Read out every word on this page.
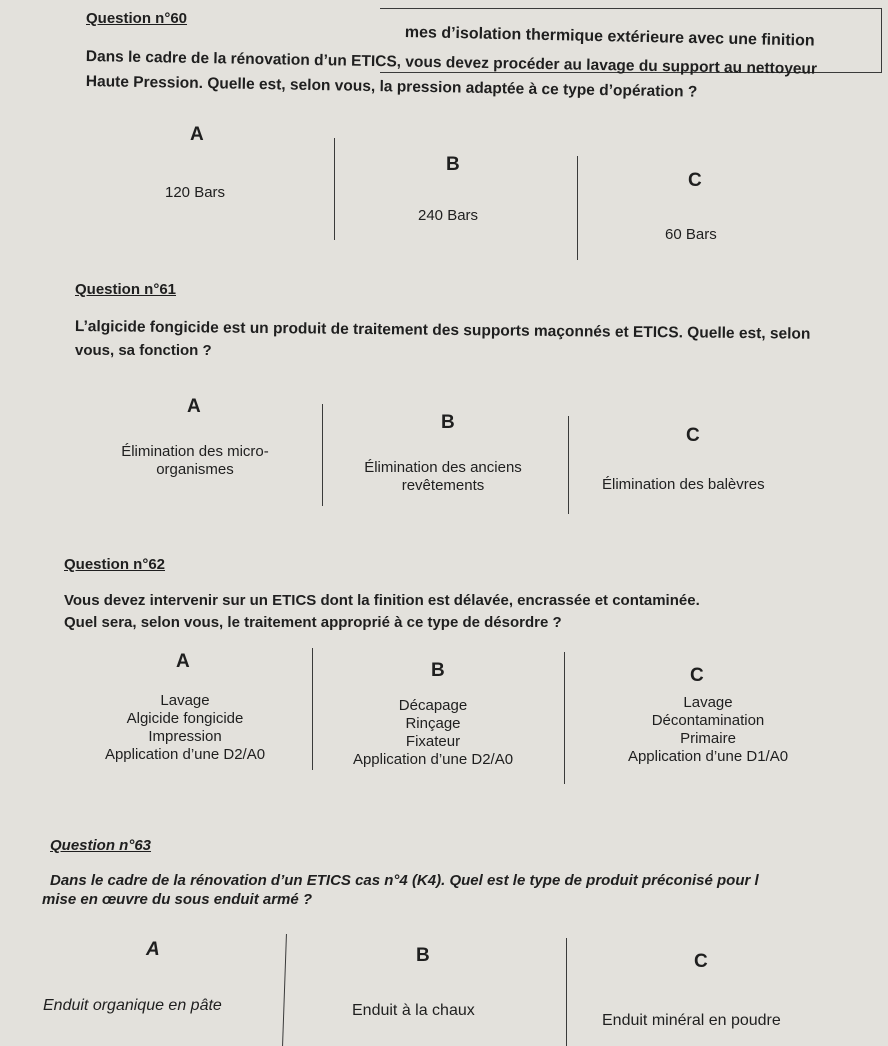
mes d’isolation thermique extérieure avec une finition
Question n°60
Dans le cadre de la rénovation d’un ETICS, vous devez procéder au lavage du support au nettoyeur
Haute Pression. Quelle est, selon vous, la pression adaptée à ce type d’opération ?
A
120 Bars
B
240 Bars
C
60 Bars
Question n°61
L’algicide fongicide est un produit de traitement des supports maçonnés et ETICS. Quelle est, selon
vous, sa fonction ?
A
Élimination des micro-
organismes
B
Élimination des anciens
revêtements
C
Élimination des balèvres
Question n°62
Vous devez intervenir sur un ETICS dont la finition est délavée, encrassée et contaminée.
Quel sera, selon vous, le traitement approprié à ce type de désordre ?
A
Lavage
Algicide fongicide
Impression
Application d’une D2/A0
B
Décapage
Rinçage
Fixateur
Application d’une D2/A0
C
Lavage
Décontamination
Primaire
Application d’une D1/A0
Question n°63
Dans le cadre de la rénovation d’un ETICS cas n°4 (K4). Quel est le type de produit préconisé pour l
mise en œuvre du sous enduit armé ?
A
Enduit organique en pâte
B
Enduit à la chaux
C
Enduit minéral en poudre
